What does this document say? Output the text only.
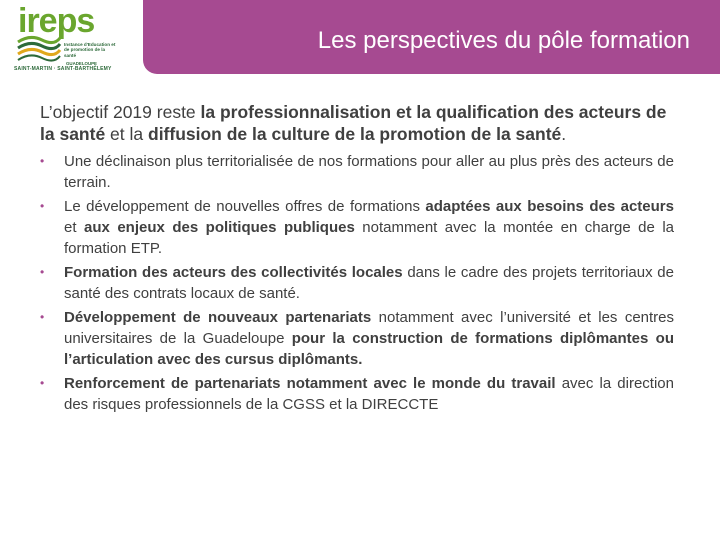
ireps
Instance d'Education et de promotion de la santé
GUADELOUPE
SAINT-MARTIN · SAINT-BARTHÉLEMY
Les perspectives du pôle formation

L’objectif 2019 reste la professionnalisation et la qualification des acteurs de la santé et la diffusion de la culture de la promotion de la santé.

• Une déclinaison plus territorialisée de nos formations pour aller au plus près des acteurs de terrain.
• Le développement de nouvelles offres de formations adaptées aux besoins des acteurs et aux enjeux des politiques publiques notamment avec la montée en charge de la formation ETP.
• Formation des acteurs des collectivités locales dans le cadre des projets territoriaux de santé des contrats locaux de santé.
• Développement de nouveaux partenariats notamment avec l’université et les centres universitaires de la Guadeloupe pour la construction de formations diplômantes ou l’articulation avec des cursus diplômants.
• Renforcement de partenariats notamment avec le monde du travail avec la direction des risques professionnels de la CGSS et la DIRECCTE
